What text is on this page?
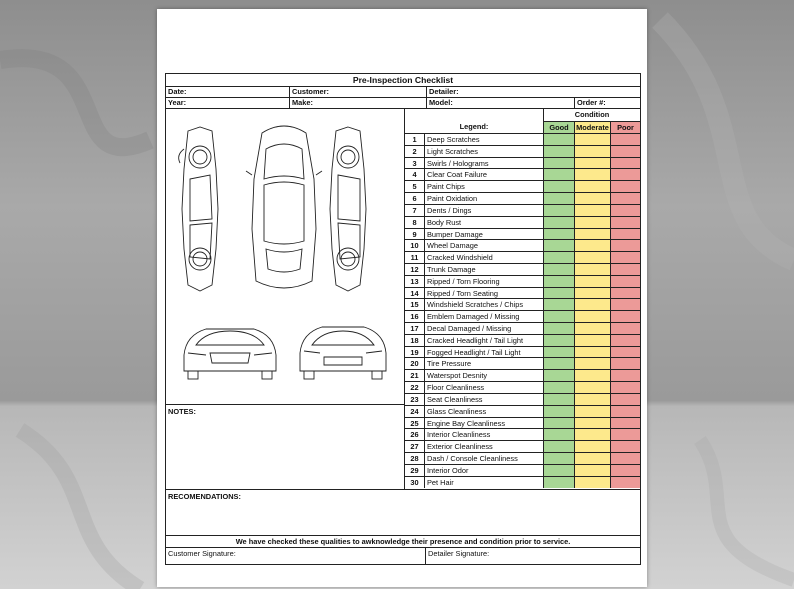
Pre-Inspection Checklist
Date:	Customer:	Detailer:
Year:	Make:	Model:	Order #:
NOTES:
Condition
Legend:	Good	Moderate	Poor
1	Deep Scratches
2	Light Scratches
3	Swirls / Holograms
4	Clear Coat Failure
5	Paint Chips
6	Paint Oxidation
7	Dents / Dings
8	Body Rust
9	Bumper Damage
10	Wheel Damage
11	Cracked Windshield
12	Trunk Damage
13	Ripped / Torn Flooring
14	Ripped / Torn Seating
15	Windshield Scratches / Chips
16	Emblem Damaged / Missing
17	Decal Damaged / Missing
18	Cracked Headlight / Tail Light
19	Fogged Headlight / Tail Light
20	Tire Pressure
21	Waterspot Desnity
22	Floor Cleanliness
23	Seat Cleanliness
24	Glass Cleanliness
25	Engine Bay Cleanliness
26	Interior Cleanliness
27	Exterior Cleanliness
28	Dash / Console Cleanliness
29	Interior Odor
30	Pet Hair
RECOMENDATIONS:
We have checked these qualities to awknowledge their presence and condition prior to service.
Customer Signature:	Detailer Signature:
